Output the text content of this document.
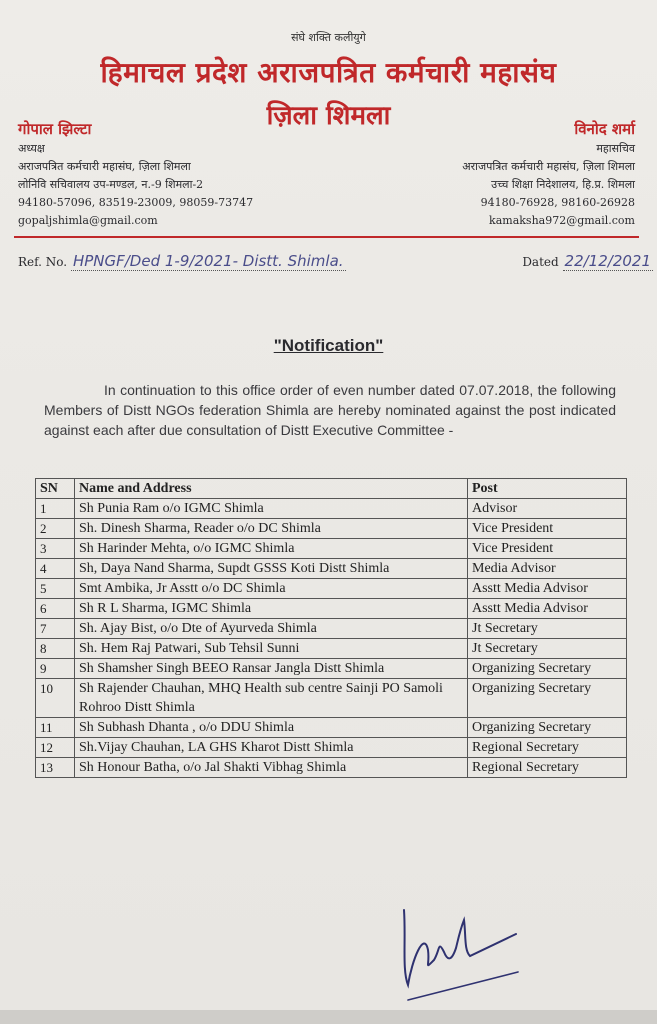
संघे शक्ति कलीयुगे
हिमाचल प्रदेश अराजपत्रित कर्मचारी महासंघ
ज़िला शिमला
गोपाल झिल्टा
अध्यक्ष
अराजपत्रित कर्मचारी महासंघ, ज़िला शिमला
लोनिवि सचिवालय उप-मण्डल, न.-9 शिमला-2
94180-57096, 83519-23009, 98059-73747
gopaljshimla@gmail.com
विनोद शर्मा
महासचिव
अराजपत्रित कर्मचारी महासंघ, ज़िला शिमला
उच्च शिक्षा निदेशालय, हि.प्र. शिमला
94180-76928, 98160-26928
kamaksha972@gmail.com
Ref. No. HPNGF/Ded 1-9/2021- Distt. Shimla.	Dated 22/12/2021
"Notification"
In continuation to this office order of even number dated 07.07.2018, the following Members of Distt NGOs federation Shimla are hereby nominated against the post indicated against each after due consultation of Distt Executive Committee -
SN	Name and Address	Post
1	Sh Punia Ram o/o IGMC Shimla	Advisor
2	Sh. Dinesh Sharma, Reader o/o DC Shimla	Vice President
3	Sh Harinder Mehta, o/o IGMC Shimla	Vice President
4	Sh, Daya Nand Sharma, Supdt GSSS Koti Distt Shimla	Media Advisor
5	Smt Ambika, Jr Asstt o/o DC Shimla	Asstt Media Advisor
6	Sh R L Sharma, IGMC Shimla	Asstt Media Advisor
7	Sh. Ajay Bist, o/o Dte of Ayurveda Shimla	Jt Secretary
8	Sh. Hem Raj Patwari, Sub Tehsil Sunni	Jt Secretary
9	Sh Shamsher Singh BEEO Ransar Jangla Distt Shimla	Organizing Secretary
10	Sh Rajender Chauhan, MHQ Health sub centre Sainji PO Samoli Rohroo Distt Shimla	Organizing Secretary
11	Sh Subhash Dhanta , o/o DDU Shimla	Organizing Secretary
12	Sh.Vijay Chauhan, LA GHS Kharot Distt Shimla	Regional Secretary
13	Sh Honour Batha, o/o Jal Shakti Vibhag Shimla	Regional Secretary
